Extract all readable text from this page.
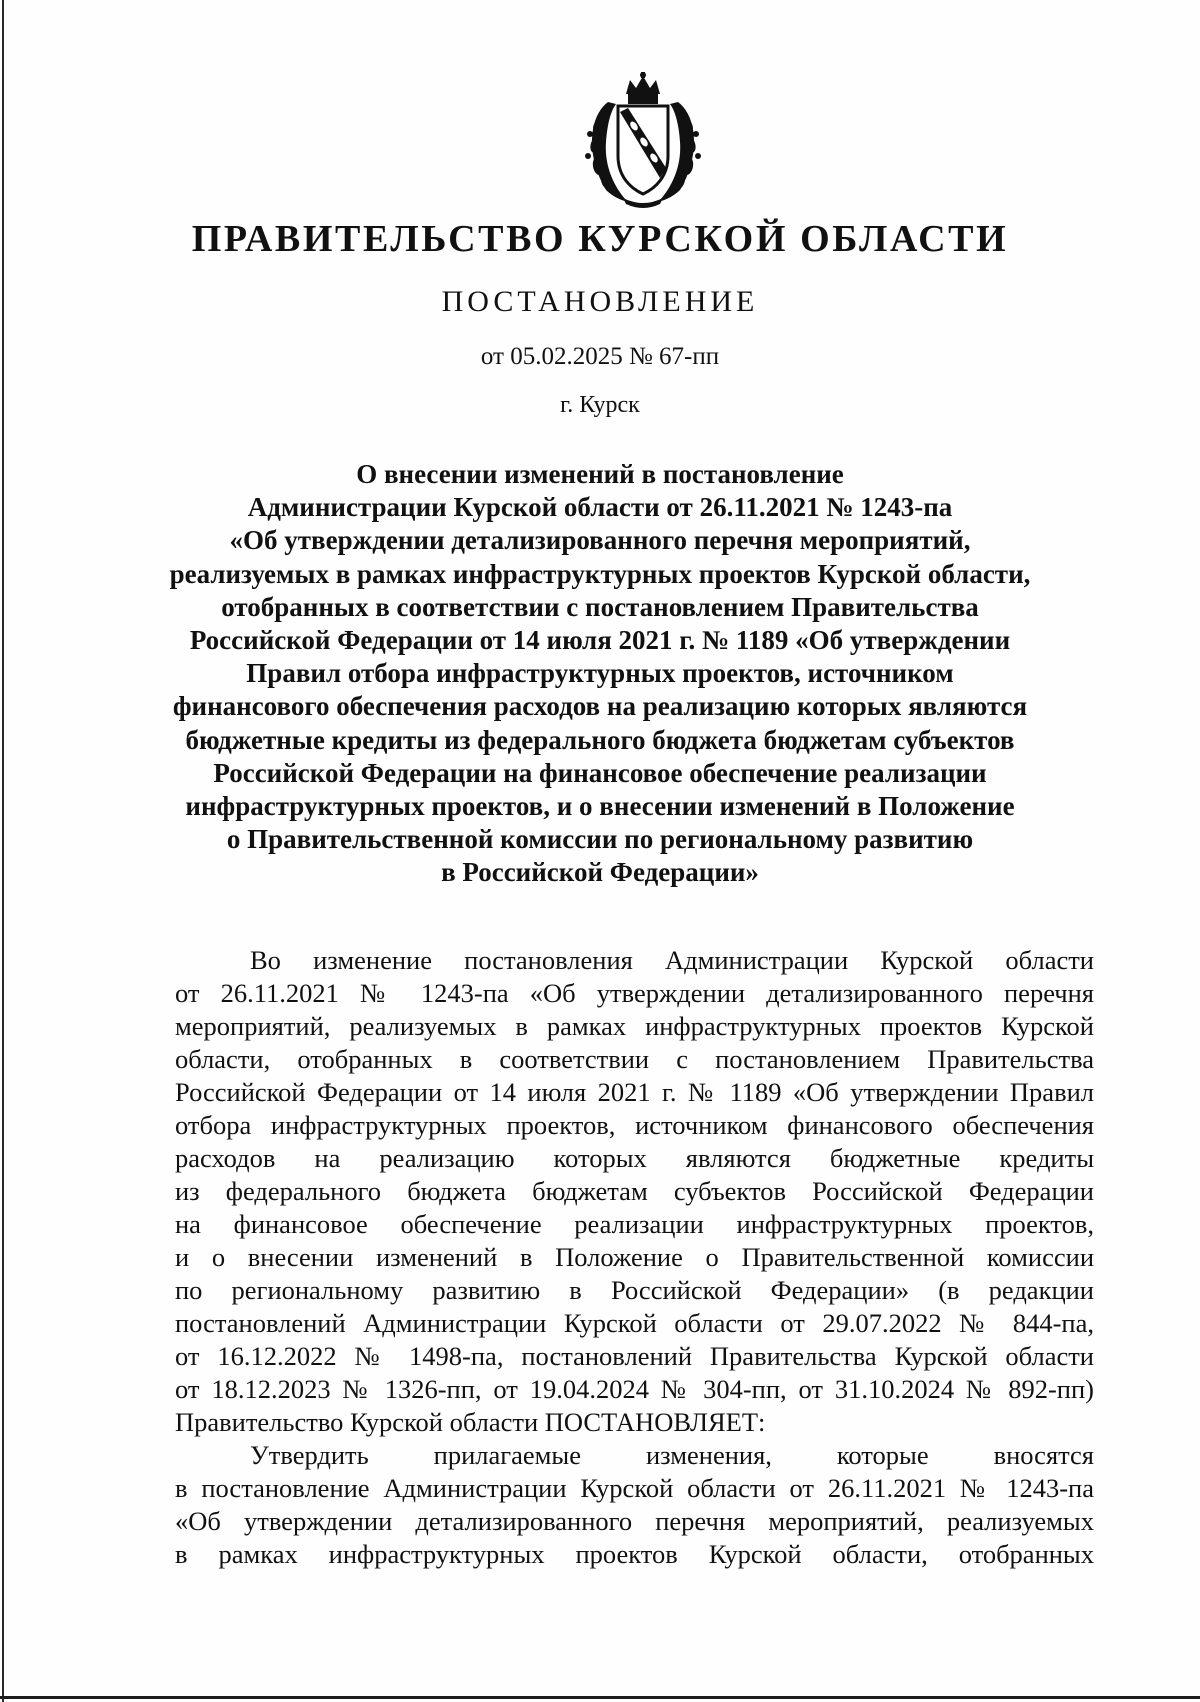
ПРАВИТЕЛЬСТВО КУРСКОЙ ОБЛАСТИ
ПОСТАНОВЛЕНИЕ
от 05.02.2025 № 67-пп
г. Курск
О внесении изменений в постановление
Администрации Курской области от 26.11.2021 № 1243-па
«Об утверждении детализированного перечня мероприятий,
реализуемых в рамках инфраструктурных проектов Курской области,
отобранных в соответствии с постановлением Правительства
Российской Федерации от 14 июля 2021 г. № 1189 «Об утверждении
Правил отбора инфраструктурных проектов, источником
финансового обеспечения расходов на реализацию которых являются
бюджетные кредиты из федерального бюджета бюджетам субъектов
Российской Федерации на финансовое обеспечение реализации
инфраструктурных проектов, и о внесении изменений в Положение
о Правительственной комиссии по региональному развитию
в Российской Федерации»
Во изменение постановления Администрации Курской области
от 26.11.2021 № 1243-па «Об утверждении детализированного перечня
мероприятий, реализуемых в рамках инфраструктурных проектов Курской
области, отобранных в соответствии с постановлением Правительства
Российской Федерации от 14 июля 2021 г. № 1189 «Об утверждении Правил
отбора инфраструктурных проектов, источником финансового обеспечения
расходов на реализацию которых являются бюджетные кредиты
из федерального бюджета бюджетам субъектов Российской Федерации
на финансовое обеспечение реализации инфраструктурных проектов,
и о внесении изменений в Положение о Правительственной комиссии
по региональному развитию в Российской Федерации» (в редакции
постановлений Администрации Курской области от 29.07.2022 № 844-па,
от 16.12.2022 № 1498-па, постановлений Правительства Курской области
от 18.12.2023 № 1326-пп, от 19.04.2024 № 304-пп, от 31.10.2024 № 892-пп)
Правительство Курской области ПОСТАНОВЛЯЕТ:
Утвердить прилагаемые изменения, которые вносятся
в постановление Администрации Курской области от 26.11.2021 № 1243-па
«Об утверждении детализированного перечня мероприятий, реализуемых
в рамках инфраструктурных проектов Курской области, отобранных
